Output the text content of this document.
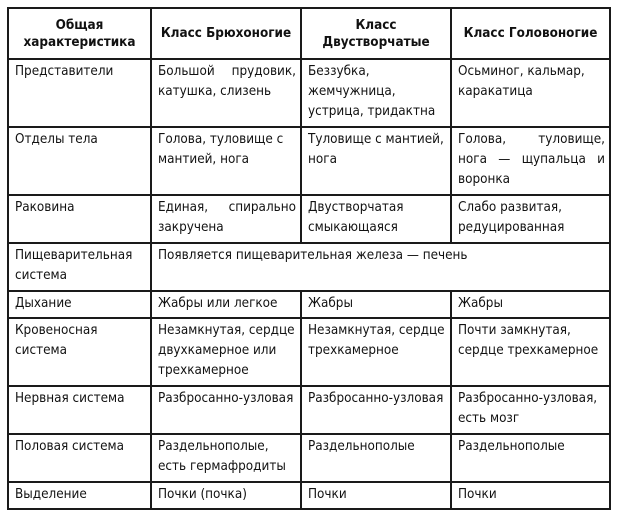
Общая характеристика	Класс Брюхоногие	Класс Двустворчатые	Класс Головоногие
Представители	Большой прудовик, катушка, слизень	Беззубка, жемчужница, устрица, тридактна	Осьминог, кальмар, каракатица
Отделы тела	Голова, туловище с мантией, нога	Туловище с мантией, нога	Голова, туловище, нога — щупальца и воронка
Раковина	Единая, спирально закручена	Двустворчатая смыкающаяся	Слабо развитая, редуцированная
Пищеварительная система	Появляется пищеварительная железа — печень		
Дыхание	Жабры или легкое	Жабры	Жабры
Кровеносная система	Незамкнутая, сердце двухкамерное или трехкамерное	Незамкнутая, сердце трехкамерное	Почти замкнутая, сердце трехкамерное
Нервная система	Разбросанно-узловая	Разбросанно-узловая	Разбросанно-узловая, есть мозг
Половая система	Раздельнополые, есть гермафродиты	Раздельнополые	Раздельнополые
Выделение	Почки (почка)	Почки	Почки
